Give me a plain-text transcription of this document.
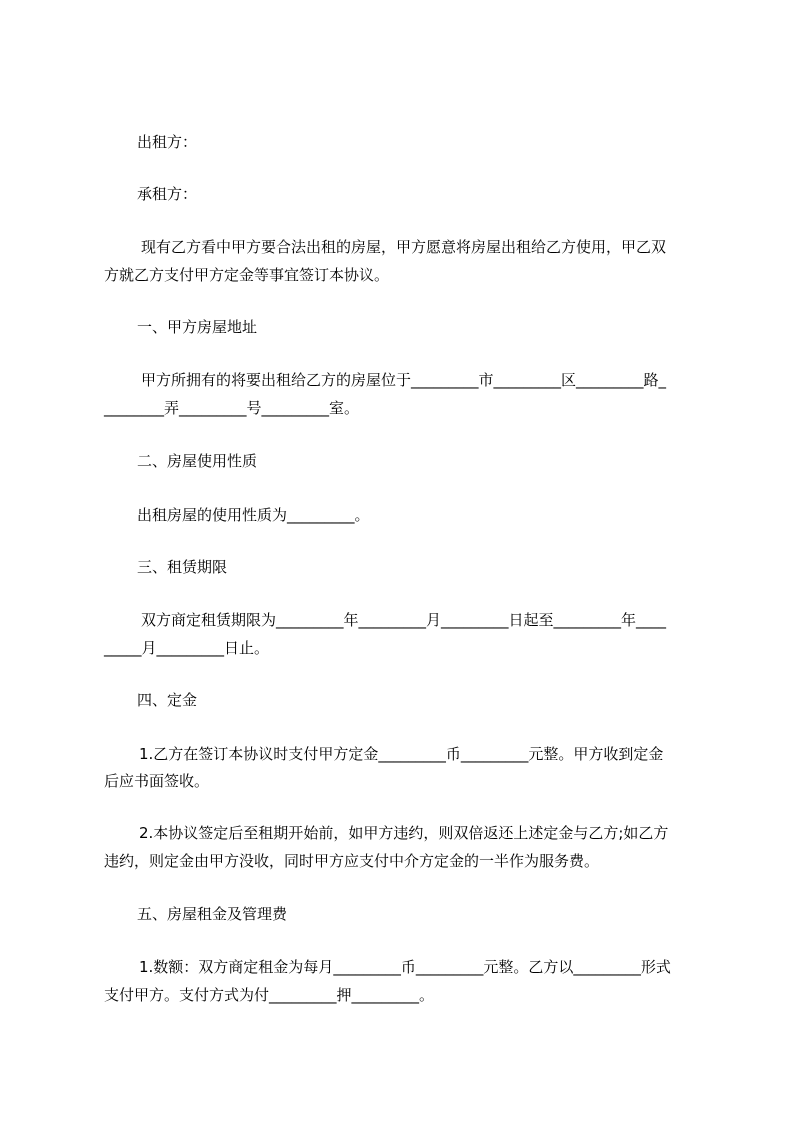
出租方：
承租方：
现有乙方看中甲方要合法出租的房屋，甲方愿意将房屋出租给乙方使用，甲乙双
方就乙方支付甲方定金等事宜签订本协议。
一、甲方房屋地址
甲方所拥有的将要出租给乙方的房屋位于_________市_________区_________路_
________弄_________号_________室。
二、房屋使用性质
出租房屋的使用性质为_________。
三、租赁期限
双方商定租赁期限为_________年_________月_________日起至_________年____
_____月_________日止。
四、定金
1.乙方在签订本协议时支付甲方定金_________币_________元整。甲方收到定金
后应书面签收。
2.本协议签定后至租期开始前，如甲方违约，则双倍返还上述定金与乙方;如乙方
违约，则定金由甲方没收，同时甲方应支付中介方定金的一半作为服务费。
五、房屋租金及管理费
1.数额：双方商定租金为每月_________币_________元整。乙方以_________形式
支付甲方。支付方式为付_________押_________。
